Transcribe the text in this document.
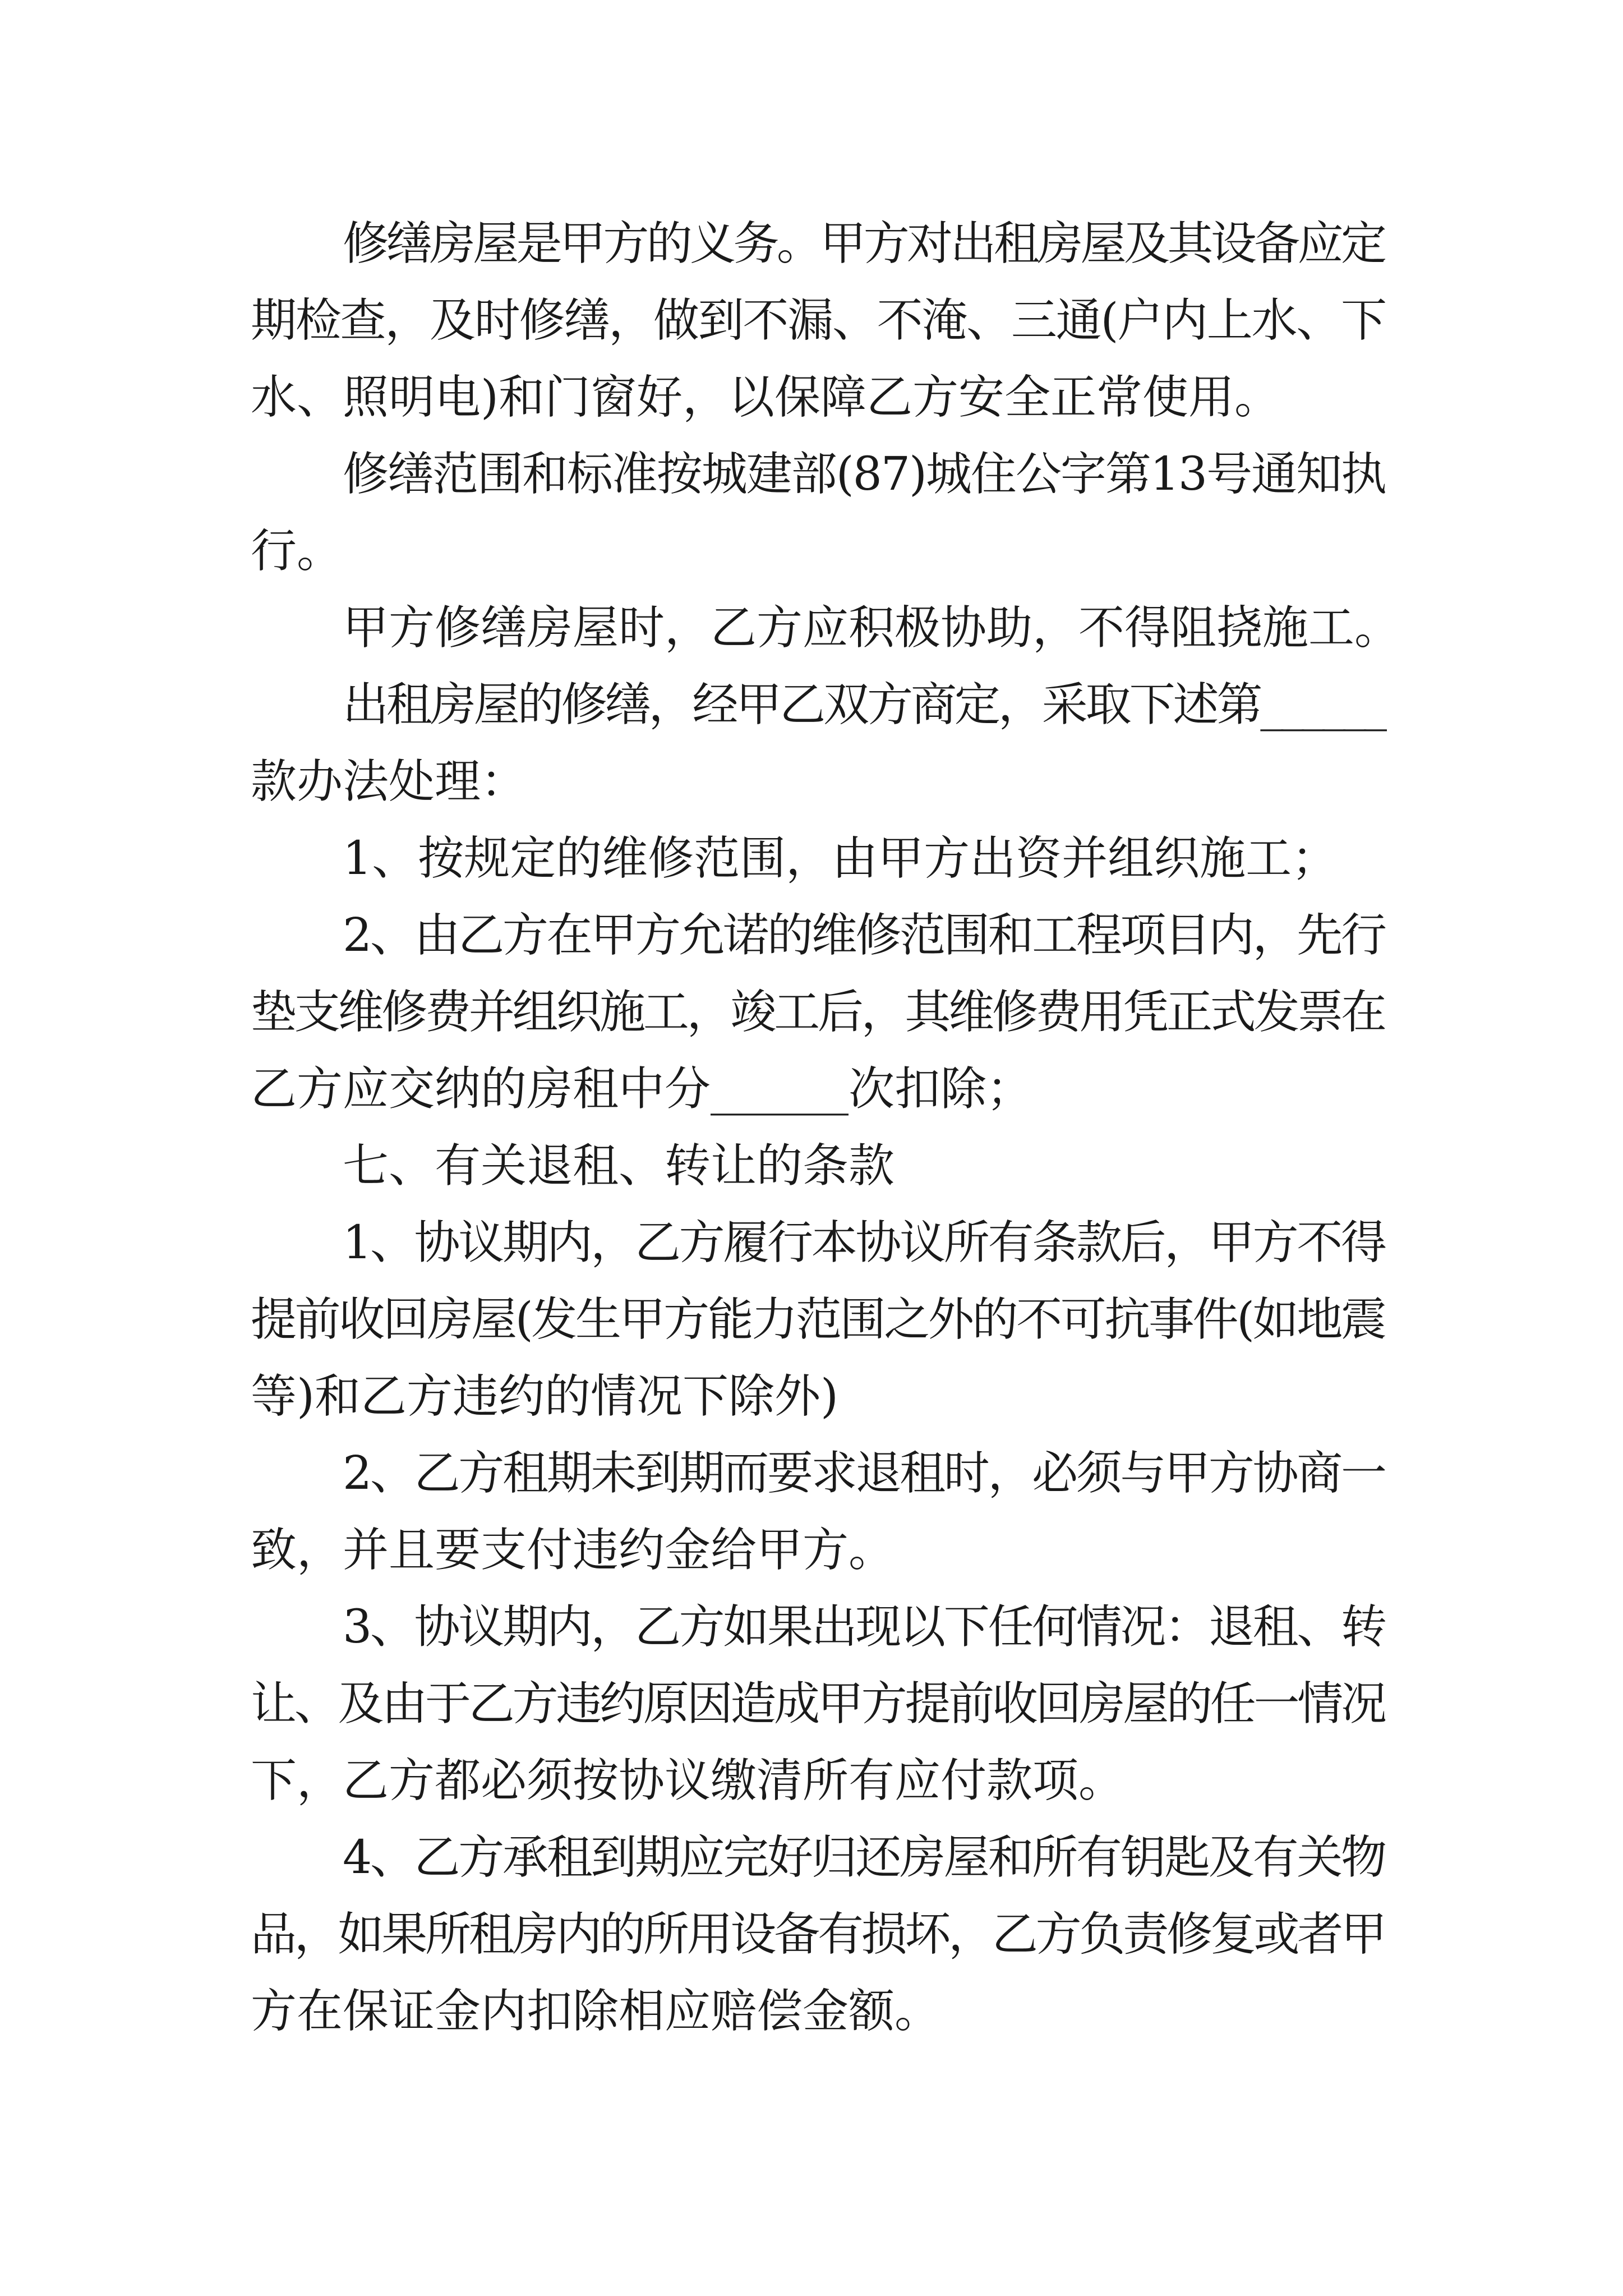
修缮房屋是甲方的义务。甲方对出租房屋及其设备应定
期检查，及时修缮，做到不漏、不淹、三通(户内上水、下
水、照明电)和门窗好，以保障乙方安全正常使用。
修缮范围和标准按城建部(87)城住公字第13号通知执
行。
甲方修缮房屋时，乙方应积极协助，不得阻挠施工。
出租房屋的修缮，经甲乙双方商定，采取下述第______
款办法处理：
1、按规定的维修范围，由甲方出资并组织施工；
2、由乙方在甲方允诺的维修范围和工程项目内，先行
垫支维修费并组织施工，竣工后，其维修费用凭正式发票在
乙方应交纳的房租中分______次扣除；
七、有关退租、转让的条款
1、协议期内，乙方履行本协议所有条款后，甲方不得
提前收回房屋(发生甲方能力范围之外的不可抗事件(如地震
等)和乙方违约的情况下除外)
2、乙方租期未到期而要求退租时，必须与甲方协商一
致，并且要支付违约金给甲方。
3、协议期内，乙方如果出现以下任何情况：退租、转
让、及由于乙方违约原因造成甲方提前收回房屋的任一情况
下，乙方都必须按协议缴清所有应付款项。
4、乙方承租到期应完好归还房屋和所有钥匙及有关物
品，如果所租房内的所用设备有损坏，乙方负责修复或者甲
方在保证金内扣除相应赔偿金额。
